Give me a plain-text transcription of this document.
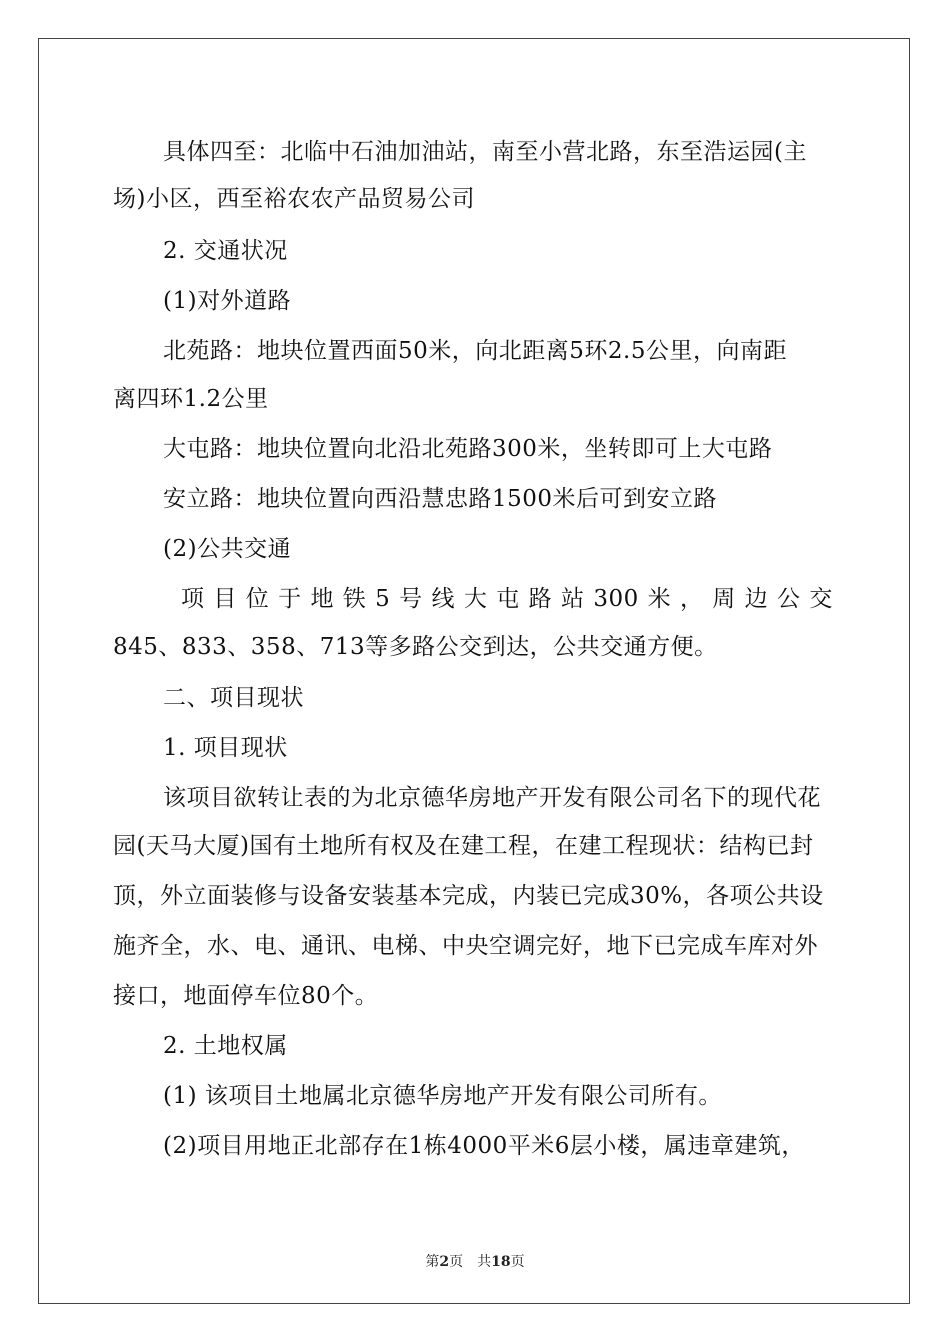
具体四至：北临中石油加油站，南至小营北路，东至浩运园(主
场)小区，西至裕农农产品贸易公司
2. 交通状况
(1)对外道路
北苑路：地块位置西面50米，向北距离5环2.5公里，向南距
离四环1.2公里
大屯路：地块位置向北沿北苑路300米，坐转即可上大屯路
安立路：地块位置向西沿慧忠路1500米后可到安立路
(2)公共交通
项 目 位 于 地 铁 5 号 线 大 屯 路 站 300 米 ， 周 边 公 交
845、833、358、713等多路公交到达，公共交通方便。
二、项目现状
1. 项目现状
该项目欲转让表的为北京德华房地产开发有限公司名下的现代花
园(天马大厦)国有土地所有权及在建工程，在建工程现状：结构已封
顶，外立面装修与设备安装基本完成，内装已完成30%，各项公共设
施齐全，水、电、通讯、电梯、中央空调完好，地下已完成车库对外
接口，地面停车位80个。
2. 土地权属
(1) 该项目土地属北京德华房地产开发有限公司所有。
(2)项目用地正北部存在1栋4000平米6层小楼，属违章建筑，
第2页　共18页
